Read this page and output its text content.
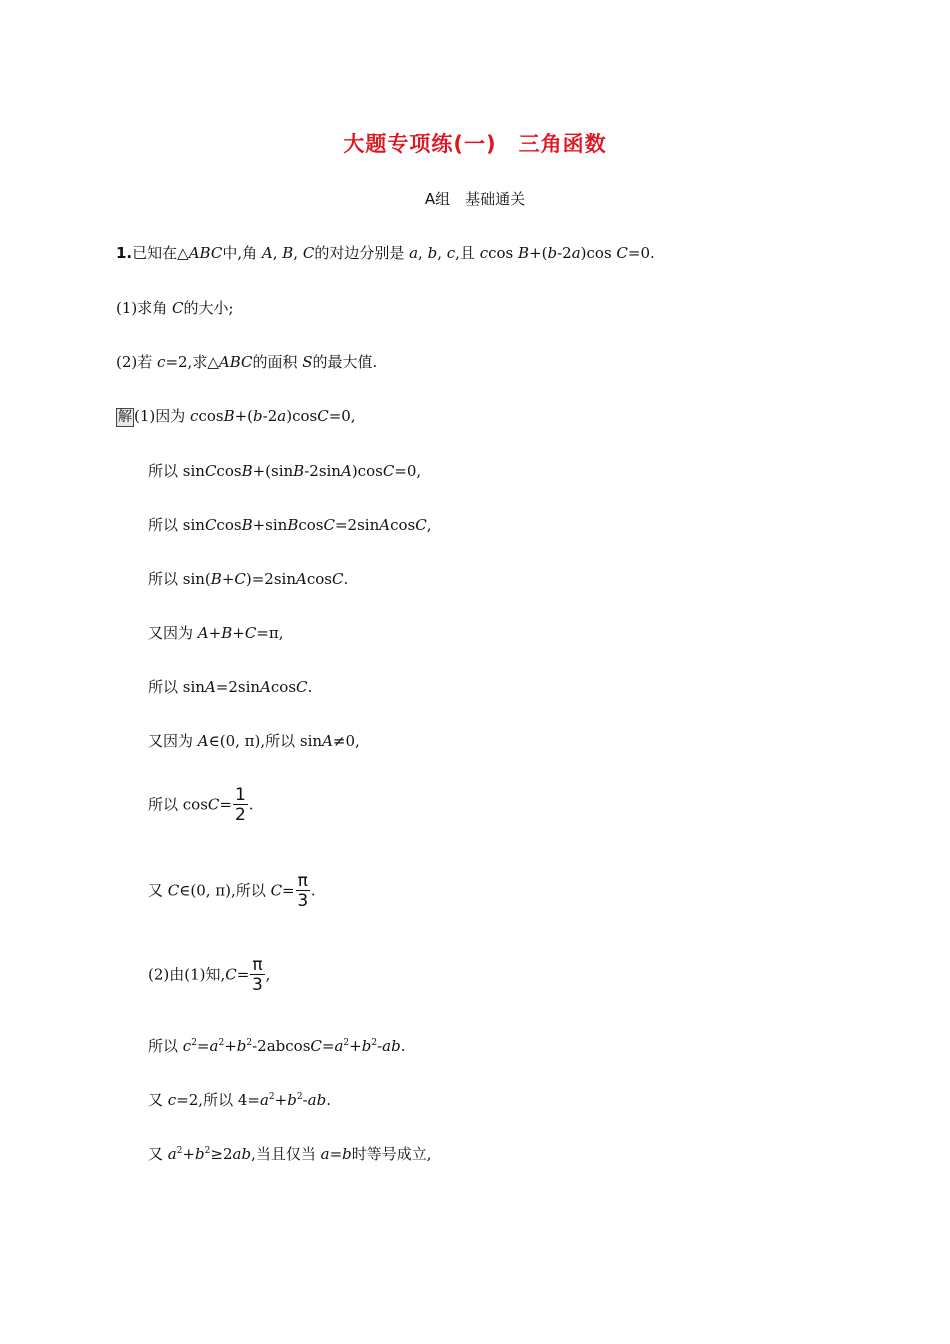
大题专项练(一)　三角函数
A组　基础通关
1.已知在△ABC中,角 A, B, C的对边分别是 a, b, c,且 ccos B+(b-2a)cos C=0.
(1)求角 C的大小;
(2)若 c=2,求△ABC的面积 S的最大值.
解 (1)因为 ccosB+(b-2a)cosC=0,
所以 sinCcosB+(sinB-2sinA)cosC=0,
所以 sinCcosB+sinBcosC=2sinAcosC,
所以 sin(B+C)=2sinAcosC.
又因为 A+B+C=π,
所以 sinA=2sinAcosC.
又因为 A∈(0, π),所以 sinA≠0,
所以 $\cos C= \frac{1}{2}$ .
又 C∈(0, π),所以 $C= \frac{\pi}{3}$ .
(2)由(1)知$,C= \frac{\pi}{3}$ ,
所以 $c^2=a^2+b^2-2abcosC=a^2+b^2-ab$.
又 c=2,所以 $4=a^2+b^2-ab$.
又 $a^2+b^2\ge 2ab$,当且仅当 a=b时等号成立,
